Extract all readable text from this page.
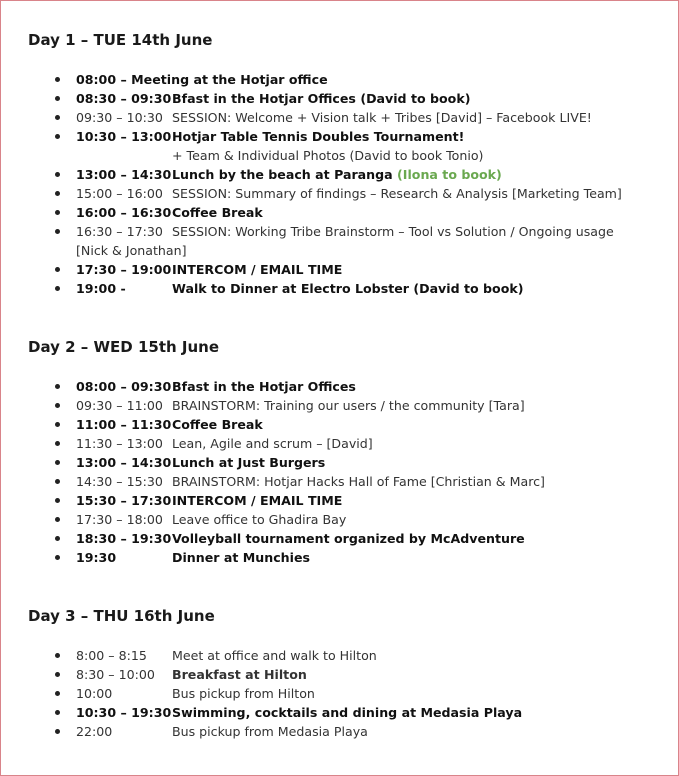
Day 1 – TUE 14th June
08:00 – Meeting at the Hotjar office
08:30 – 09:30 Bfast in the Hotjar Offices (David to book)
09:30 – 10:30 SESSION: Welcome + Vision talk + Tribes [David] – Facebook LIVE!
10:30 – 13:00 Hotjar Table Tennis Doubles Tournament!
+ Team & Individual Photos (David to book Tonio)
13:00 – 14:30 Lunch by the beach at Paranga (Ilona to book)
15:00 – 16:00 SESSION: Summary of findings – Research & Analysis [Marketing Team]
16:00 – 16:30 Coffee Break
16:30 – 17:30 SESSION: Working Tribe Brainstorm – Tool vs Solution / Ongoing usage
[Nick & Jonathan]
17:30 – 19:00 INTERCOM / EMAIL TIME
19:00 -	Walk to Dinner at Electro Lobster (David to book)
Day 2 – WED 15th June
08:00 – 09:30 Bfast in the Hotjar Offices
09:30 – 11:00 BRAINSTORM: Training our users / the community [Tara]
11:00 – 11:30 Coffee Break
11:30 – 13:00 Lean, Agile and scrum – [David]
13:00 – 14:30 Lunch at Just Burgers
14:30 – 15:30 BRAINSTORM: Hotjar Hacks Hall of Fame [Christian & Marc]
15:30 – 17:30 INTERCOM / EMAIL TIME
17:30 – 18:00 Leave office to Ghadira Bay
18:30 – 19:30 Volleyball tournament organized by McAdventure
19:30	Dinner at Munchies
Day 3 – THU 16th June
8:00 – 8:15 Meet at office and walk to Hilton
8:30 – 10:00 Breakfast at Hilton
10:00	Bus pickup from Hilton
10:30 – 19:30 Swimming, cocktails and dining at Medasia Playa
22:00	Bus pickup from Medasia Playa
